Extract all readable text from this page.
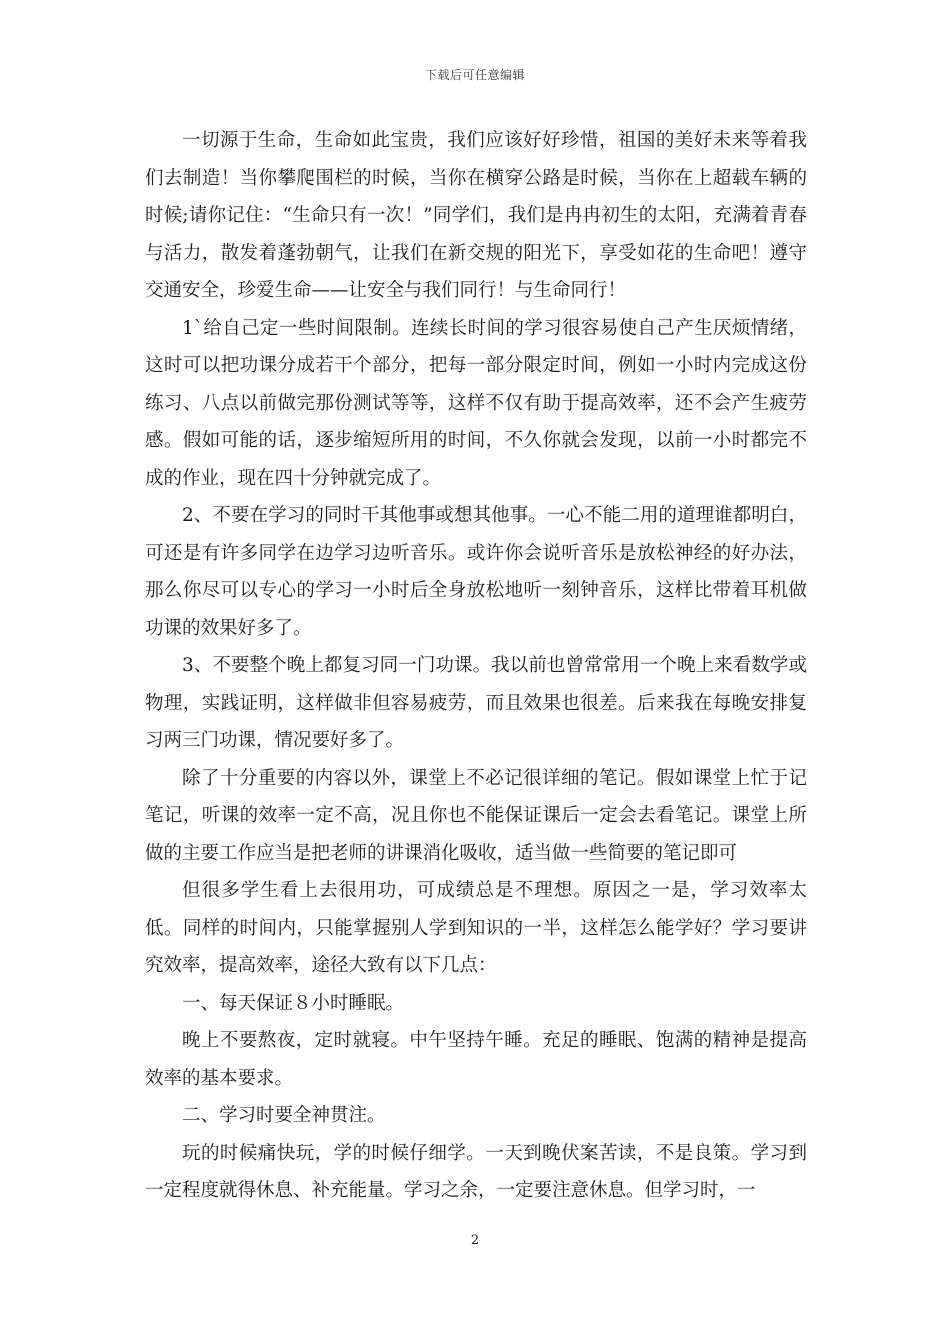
下载后可任意编辑

一切源于生命，生命如此宝贵，我们应该好好珍惜，祖国的美好未来等着我们去制造！当你攀爬围栏的时候，当你在横穿公路是时候，当你在上超载车辆的时候;请你记住：“生命只有一次！”同学们，我们是冉冉初生的太阳，充满着青春与活力，散发着蓬勃朝气，让我们在新交规的阳光下，享受如花的生命吧！遵守交通安全，珍爱生命——让安全与我们同行！与生命同行！

1`给自己定一些时间限制。连续长时间的学习很容易使自己产生厌烦情绪，这时可以把功课分成若干个部分，把每一部分限定时间，例如一小时内完成这份练习、八点以前做完那份测试等等，这样不仅有助于提高效率，还不会产生疲劳感。假如可能的话，逐步缩短所用的时间，不久你就会发现，以前一小时都完不成的作业，现在四十分钟就完成了。

2、不要在学习的同时干其他事或想其他事。一心不能二用的道理谁都明白，可还是有许多同学在边学习边听音乐。或许你会说听音乐是放松神经的好办法，那么你尽可以专心的学习一小时后全身放松地听一刻钟音乐，这样比带着耳机做功课的效果好多了。

3、不要整个晚上都复习同一门功课。我以前也曾常常用一个晚上来看数学或物理，实践证明，这样做非但容易疲劳，而且效果也很差。后来我在每晚安排复习两三门功课，情况要好多了。

除了十分重要的内容以外，课堂上不必记很详细的笔记。假如课堂上忙于记笔记，听课的效率一定不高，况且你也不能保证课后一定会去看笔记。课堂上所做的主要工作应当是把老师的讲课消化吸收，适当做一些简要的笔记即可

但很多学生看上去很用功，可成绩总是不理想。原因之一是，学习效率太低。同样的时间内，只能掌握别人学到知识的一半，这样怎么能学好？学习要讲究效率，提高效率，途径大致有以下几点：

一、每天保证８小时睡眠。

晚上不要熬夜，定时就寝。中午坚持午睡。充足的睡眠、饱满的精神是提高效率的基本要求。

二、学习时要全神贯注。

玩的时候痛快玩，学的时候仔细学。一天到晚伏案苦读，不是良策。学习到一定程度就得休息、补充能量。学习之余，一定要注意休息。但学习时，一

2
